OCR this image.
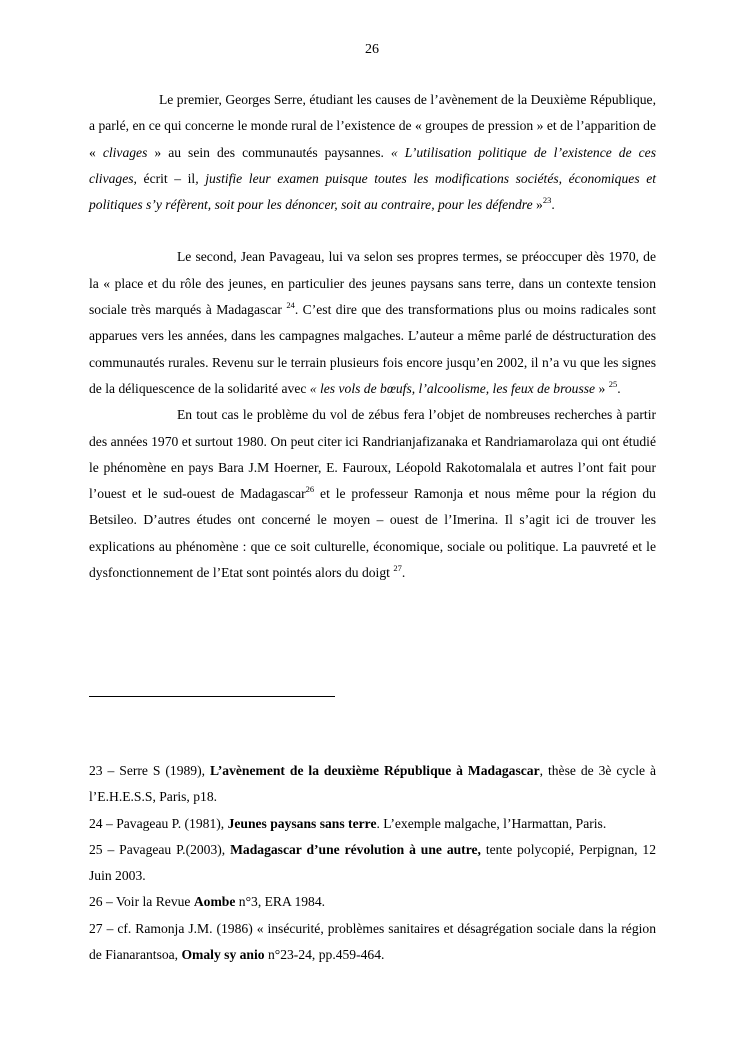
26

Le premier, Georges Serre, étudiant les causes de l’avènement de la Deuxième République, a parlé, en ce qui concerne le monde rural de l’existence de « groupes de pression » et de l’apparition de « clivages » au sein des communautés paysannes. « L’utilisation politique de l’existence de ces clivages, écrit – il, justifie leur examen puisque toutes les modifications sociétés, économiques et politiques s’y réfèrent, soit pour les dénoncer, soit au contraire, pour les défendre »$^{23}$.

Le second, Jean Pavageau, lui va selon ses propres termes, se préoccuper dès 1970, de la « place et du rôle des jeunes, en particulier des jeunes paysans sans terre, dans un contexte tension sociale très marqués à Madagascar $^{24}$. C’est dire que des transformations plus ou moins radicales sont apparues vers les années, dans les campagnes malgaches. L’auteur a même parlé de déstructuration des communautés rurales. Revenu sur le terrain plusieurs fois encore jusqu’en 2002, il n’a vu que les signes de la déliquescence de la solidarité avec « les vols de bœufs, l’alcoolisme, les feux de brousse » $^{25}$.

En tout cas le problème du vol de zébus fera l’objet de nombreuses recherches à partir des années 1970 et surtout 1980. On peut citer ici Randrianjafizanaka et Randriamarolaza qui ont étudié le phénomène en pays Bara J.M Hoerner, E. Fauroux, Léopold Rakotomalala et autres l’ont fait pour l’ouest et le sud-ouest de Madagascar$^{26}$ et le professeur Ramonja et nous même pour la région du Betsileo. D’autres études ont concerné le moyen – ouest de l’Imerina. Il s’agit ici de trouver les explications au phénomène : que ce soit culturelle, économique, sociale ou politique. La pauvreté et le dysfonctionnement de l’Etat sont pointés alors du doigt $^{27}$.

23 – Serre S (1989), L’avènement de la deuxième République à Madagascar, thèse de 3è cycle à l’E.H.E.S.S, Paris, p18.

24 – Pavageau P. (1981), Jeunes paysans sans terre. L’exemple malgache, l’Harmattan, Paris.

25 – Pavageau P.(2003), Madagascar d’une révolution à une autre, tente polycopié, Perpignan, 12 Juin 2003.

26 – Voir la Revue Aombe n°3, ERA 1984.

27 – cf. Ramonja J.M. (1986) « insécurité, problèmes sanitaires et désagrégation sociale dans la région de Fianarantsoa, Omaly sy anio n°23-24, pp.459-464.
